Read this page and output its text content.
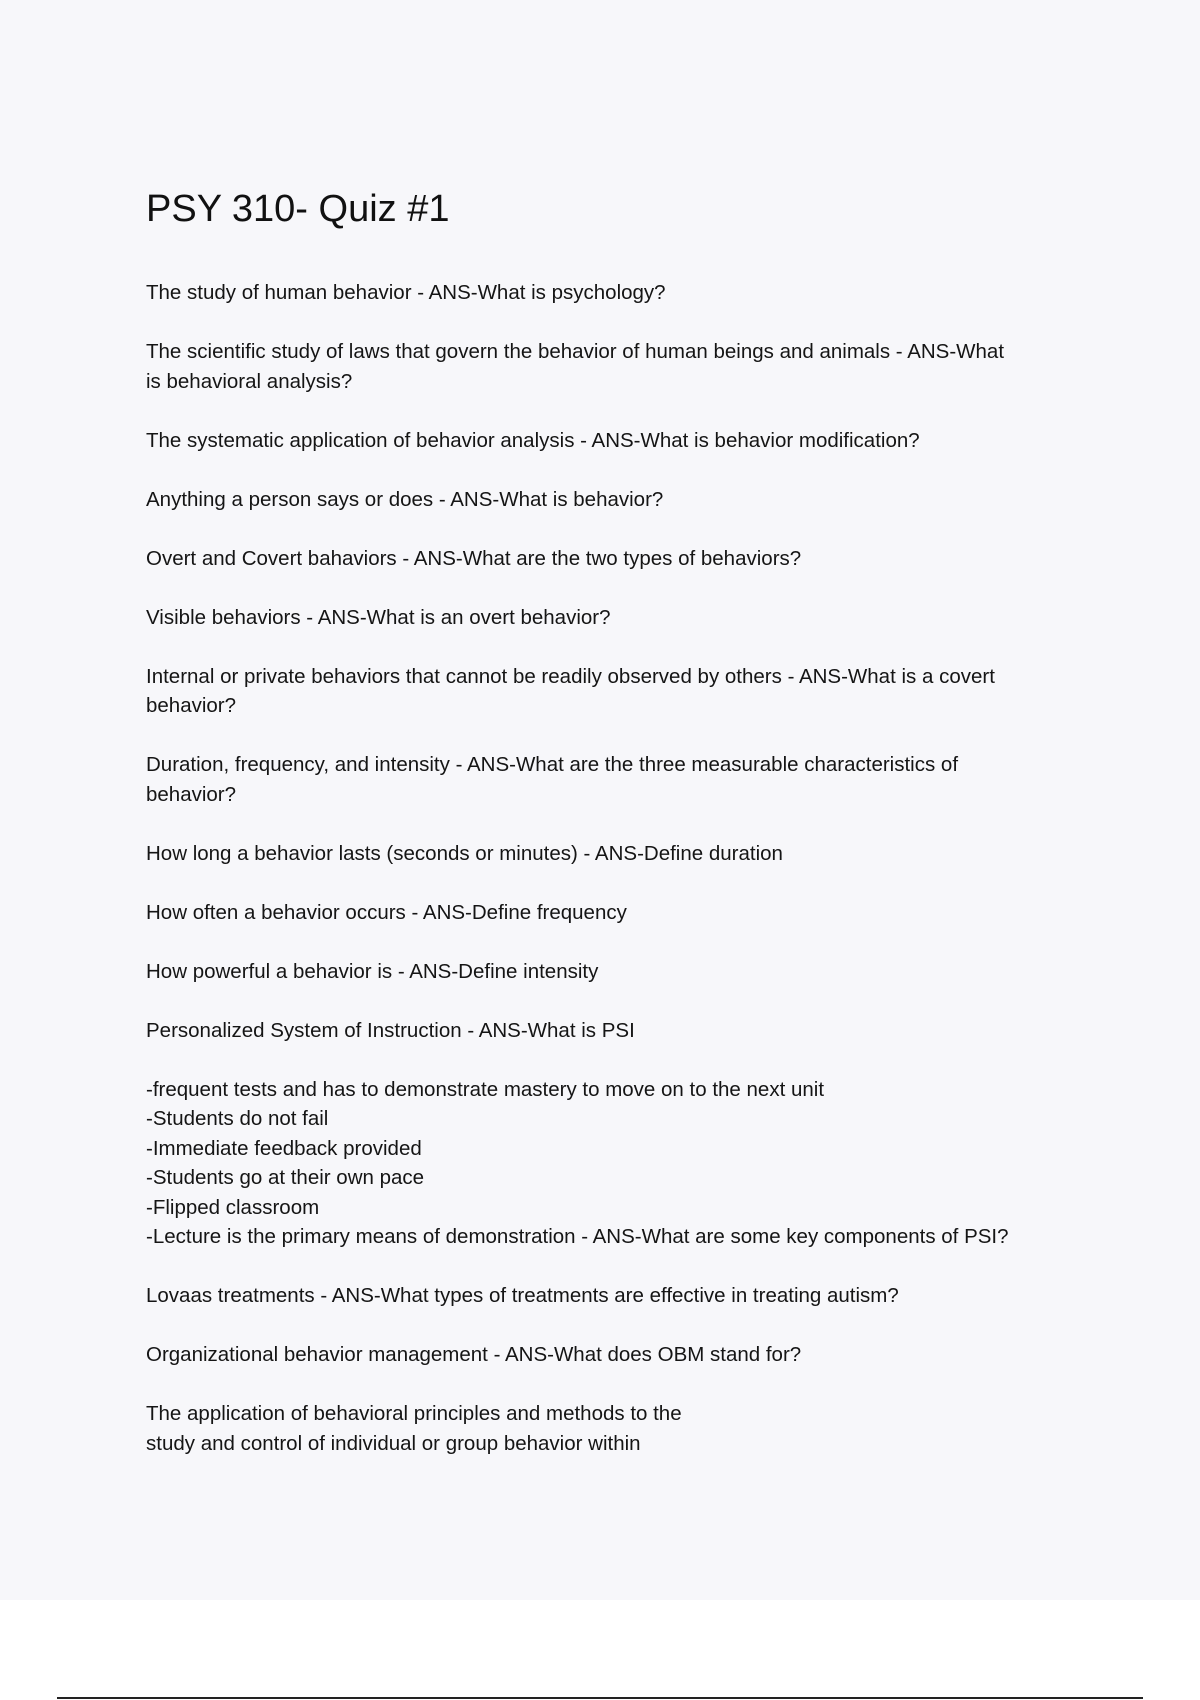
PSY 310- Quiz #1
The study of human behavior - ANS-What is psychology?
The scientific study of laws that govern the behavior of human beings and animals - ANS-What
is behavioral analysis?
The systematic application of behavior analysis - ANS-What is behavior modification?
Anything a person says or does - ANS-What is behavior?
Overt and Covert bahaviors - ANS-What are the two types of behaviors?
Visible behaviors - ANS-What is an overt behavior?
Internal or private behaviors that cannot be readily observed by others - ANS-What is a covert
behavior?
Duration, frequency, and intensity - ANS-What are the three measurable characteristics of
behavior?
How long a behavior lasts (seconds or minutes) - ANS-Define duration
How often a behavior occurs - ANS-Define frequency
How powerful a behavior is - ANS-Define intensity
Personalized System of Instruction - ANS-What is PSI
-frequent tests and has to demonstrate mastery to move on to the next unit
-Students do not fail
-Immediate feedback provided
-Students go at their own pace
-Flipped classroom
-Lecture is the primary means of demonstration - ANS-What are some key components of PSI?
Lovaas treatments - ANS-What types of treatments are effective in treating autism?
Organizational behavior management - ANS-What does OBM stand for?
The application of behavioral principles and methods to the
study and control of individual or group behavior within
